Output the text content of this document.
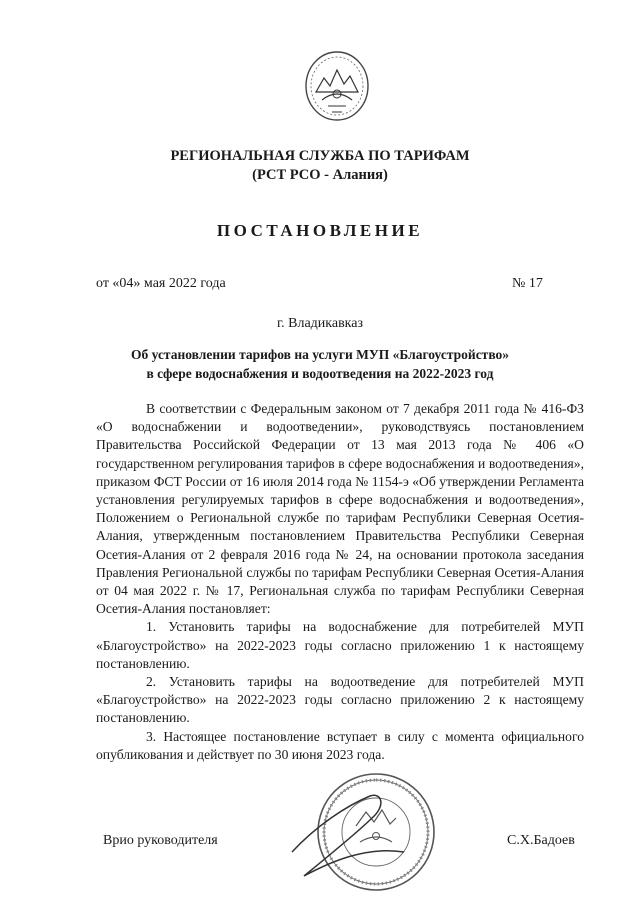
РЕГИОНАЛЬНАЯ СЛУЖБА ПО ТАРИФАМ
(РСТ РСО - Алания)
ПОСТАНОВЛЕНИЕ
от «04» мая 2022 года	№ 17
г. Владикавказ
Об установлении тарифов на услуги МУП «Благоустройство»
в сфере водоснабжения и водоотведения на 2022-2023 год

В соответствии с Федеральным законом от 7 декабря 2011 года № 416-ФЗ «О водоснабжении и водоотведении», руководствуясь постановлением Правительства Российской Федерации от 13 мая 2013 года № 406 «О государственном регулирования тарифов в сфере водоснабжения и водоотведения», приказом ФСТ России от 16 июля 2014 года № 1154-э «Об утверждении Регламента установления регулируемых тарифов в сфере водоснабжения и водоотведения», Положением о Региональной службе по тарифам Республики Северная Осетия-Алания, утвержденным постановлением Правительства Республики Северная Осетия-Алания от 2 февраля 2016 года № 24, на основании протокола заседания Правления Региональной службы по тарифам Республики Северная Осетия-Алания от 04 мая 2022 г. № 17, Региональная служба по тарифам Республики Северная Осетия-Алания постановляет:

1. Установить тарифы на водоснабжение для потребителей МУП «Благоустройство» на 2022-2023 годы согласно приложению 1 к настоящему постановлению.

2. Установить тарифы на водоотведение для потребителей МУП «Благоустройство» на 2022-2023 годы согласно приложению 2 к настоящему постановлению.

3. Настоящее постановление вступает в силу с момента официального опубликования и действует по 30 июня 2023 года.

Врио руководителя	С.Х.Бадоев
